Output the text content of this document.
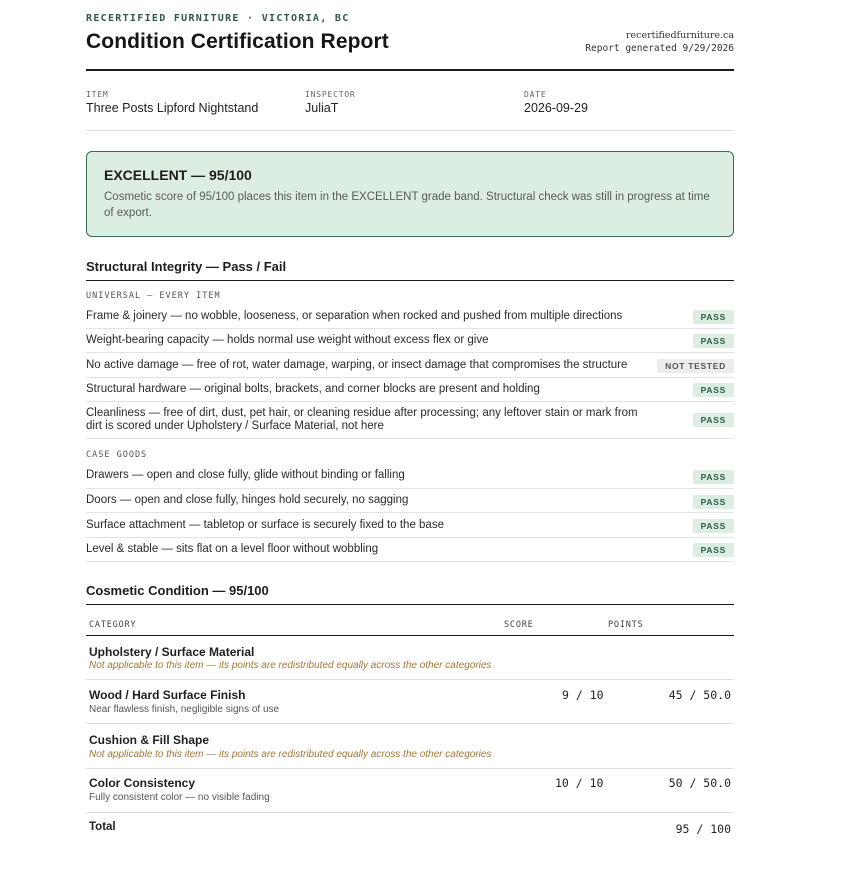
RECERTIFIED FURNITURE · VICTORIA, BC
Condition Certification Report	recertifiedfurniture.ca
Report generated 9/29/2026
ITEM
Three Posts Lipford Nightstand
INSPECTOR
JuliaT
DATE
2026-09-29
EXCELLENT — 95/100
Cosmetic score of 95/100 places this item in the EXCELLENT grade band. Structural check was still in progress at time of export.
Structural Integrity — Pass / Fail
UNIVERSAL — EVERY ITEM
Frame & joinery — no wobble, looseness, or separation when rocked and pushed from multiple directions	PASS
Weight-bearing capacity — holds normal use weight without excess flex or give	PASS
No active damage — free of rot, water damage, warping, or insect damage that compromises the structure	NOT TESTED
Structural hardware — original bolts, brackets, and corner blocks are present and holding	PASS
Cleanliness — free of dirt, dust, pet hair, or cleaning residue after processing; any leftover stain or mark from dirt is scored under Upholstery / Surface Material, not here	PASS
CASE GOODS
Drawers — open and close fully, glide without binding or falling	PASS
Doors — open and close fully, hinges hold securely, no sagging	PASS
Surface attachment — tabletop or surface is securely fixed to the base	PASS
Level & stable — sits flat on a level floor without wobbling	PASS
Cosmetic Condition — 95/100
CATEGORY	SCORE	POINTS
Upholstery / Surface Material
Not applicable to this item — its points are redistributed equally across the other categories
Wood / Hard Surface Finish
Near flawless finish, negligible signs of use
9 / 10	45 / 50.0
Cushion & Fill Shape
Not applicable to this item — its points are redistributed equally across the other categories
Color Consistency
Fully consistent color — no visible fading
10 / 10	50 / 50.0
Total	95 / 100
